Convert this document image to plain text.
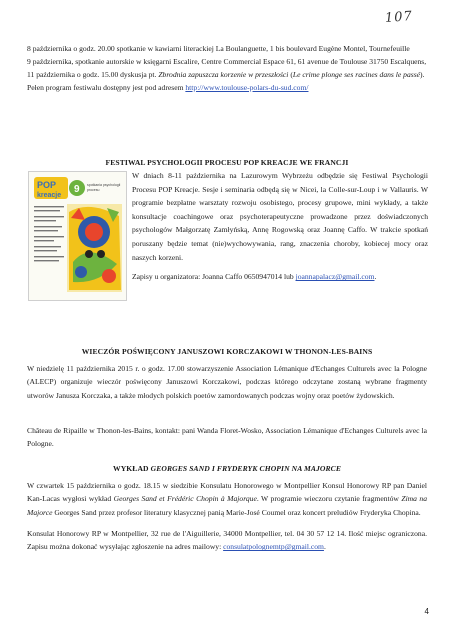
107
8 października o godz. 20.00 spotkanie w kawiarni literackiej La Boulanguette, 1 bis boulevard Eugène Montel, Tournefeuille
9 października, spotkanie autorskie w księgarni Escalire, Centre Commercial Espace 61, 61 avenue de Toulouse 31750 Escalquens,
11 października o godz. 15.00 dyskusja pt. Zbrodnia zapuszcza korzenie w przeszłości (Le crime plonge ses racines dans le passé).
Pełen program festiwalu dostępny jest pod adresem http://www.toulouse-polars-du-sud.com/
FESTIWAL PSYCHOLOGII PROCESU POP KREACJE WE FRANCJI
POP
kreacje
9 spotkania psychologii
procesu
W dniach 8-11 października na Lazurowym Wybrzeżu odbędzie się Festiwal Psychologii Procesu POP Kreacje. Sesje i seminaria odbędą się w Nicei, la Colle-sur-Loup i w Vallauris. W programie bezpłatne warsztaty rozwoju osobistego, procesy grupowe, mini wykłady, a także konsultacje coachingowe oraz psychoterapeutyczne prowadzone przez doświadczonych psychologów Małgorzatę Zamłyńską, Annę Rogowską oraz Joannę Caffo. W trakcie spotkań poruszany będzie temat (nie)wychowywania, rang, znaczenia choroby, kobiecej mocy oraz naszych korzeni.
Zapisy u organizatora: Joanna Caffo 0650947014 lub joannapalacz@gmail.com.
WIECZÓR POŚWIĘCONY JANUSZOWI KORCZAKOWI W THONON-LES-BAINS
W niedzielę 11 października 2015 r. o godz. 17.00 stowarzyszenie Association Lémanique d'Echanges Culturels avec la Pologne (ALECP) organizuje wieczór poświęcony Januszowi Korczakowi, podczas którego odczytane zostaną wybrane fragmenty utworów Janusza Korczaka, a także młodych polskich poetów zamordowanych podczas wojny oraz poetów żydowskich.
Château de Ripaille w Thonon-les-Bains, kontakt: pani Wanda Floret-Wosko, Association Lémanique d'Echanges Culturels avec la Pologne.
WYKŁAD GEORGES SAND I FRYDERYK CHOPIN NA MAJORCE
W czwartek 15 października o godz. 18.15 w siedzibie Konsulatu Honorowego w Montpellier Konsul Honorowy RP pan Daniel Kan-Lacas wygłosi wykład Georges Sand et Frédéric Chopin à Majorque. W programie wieczoru czytanie fragmentów Zima na Majorce Georges Sand przez profesor literatury klasycznej panią Marie-José Coumel oraz koncert preludiów Fryderyka Chopina.
Konsulat Honorowy RP w Montpellier, 32 rue de l'Aiguillerie, 34000 Montpellier, tel. 04 30 57 12 14. Ilość miejsc ograniczona. Zapisu można dokonać wysyłając zgłoszenie na adres mailowy: consulatpolognemtp@gmail.com.
4
